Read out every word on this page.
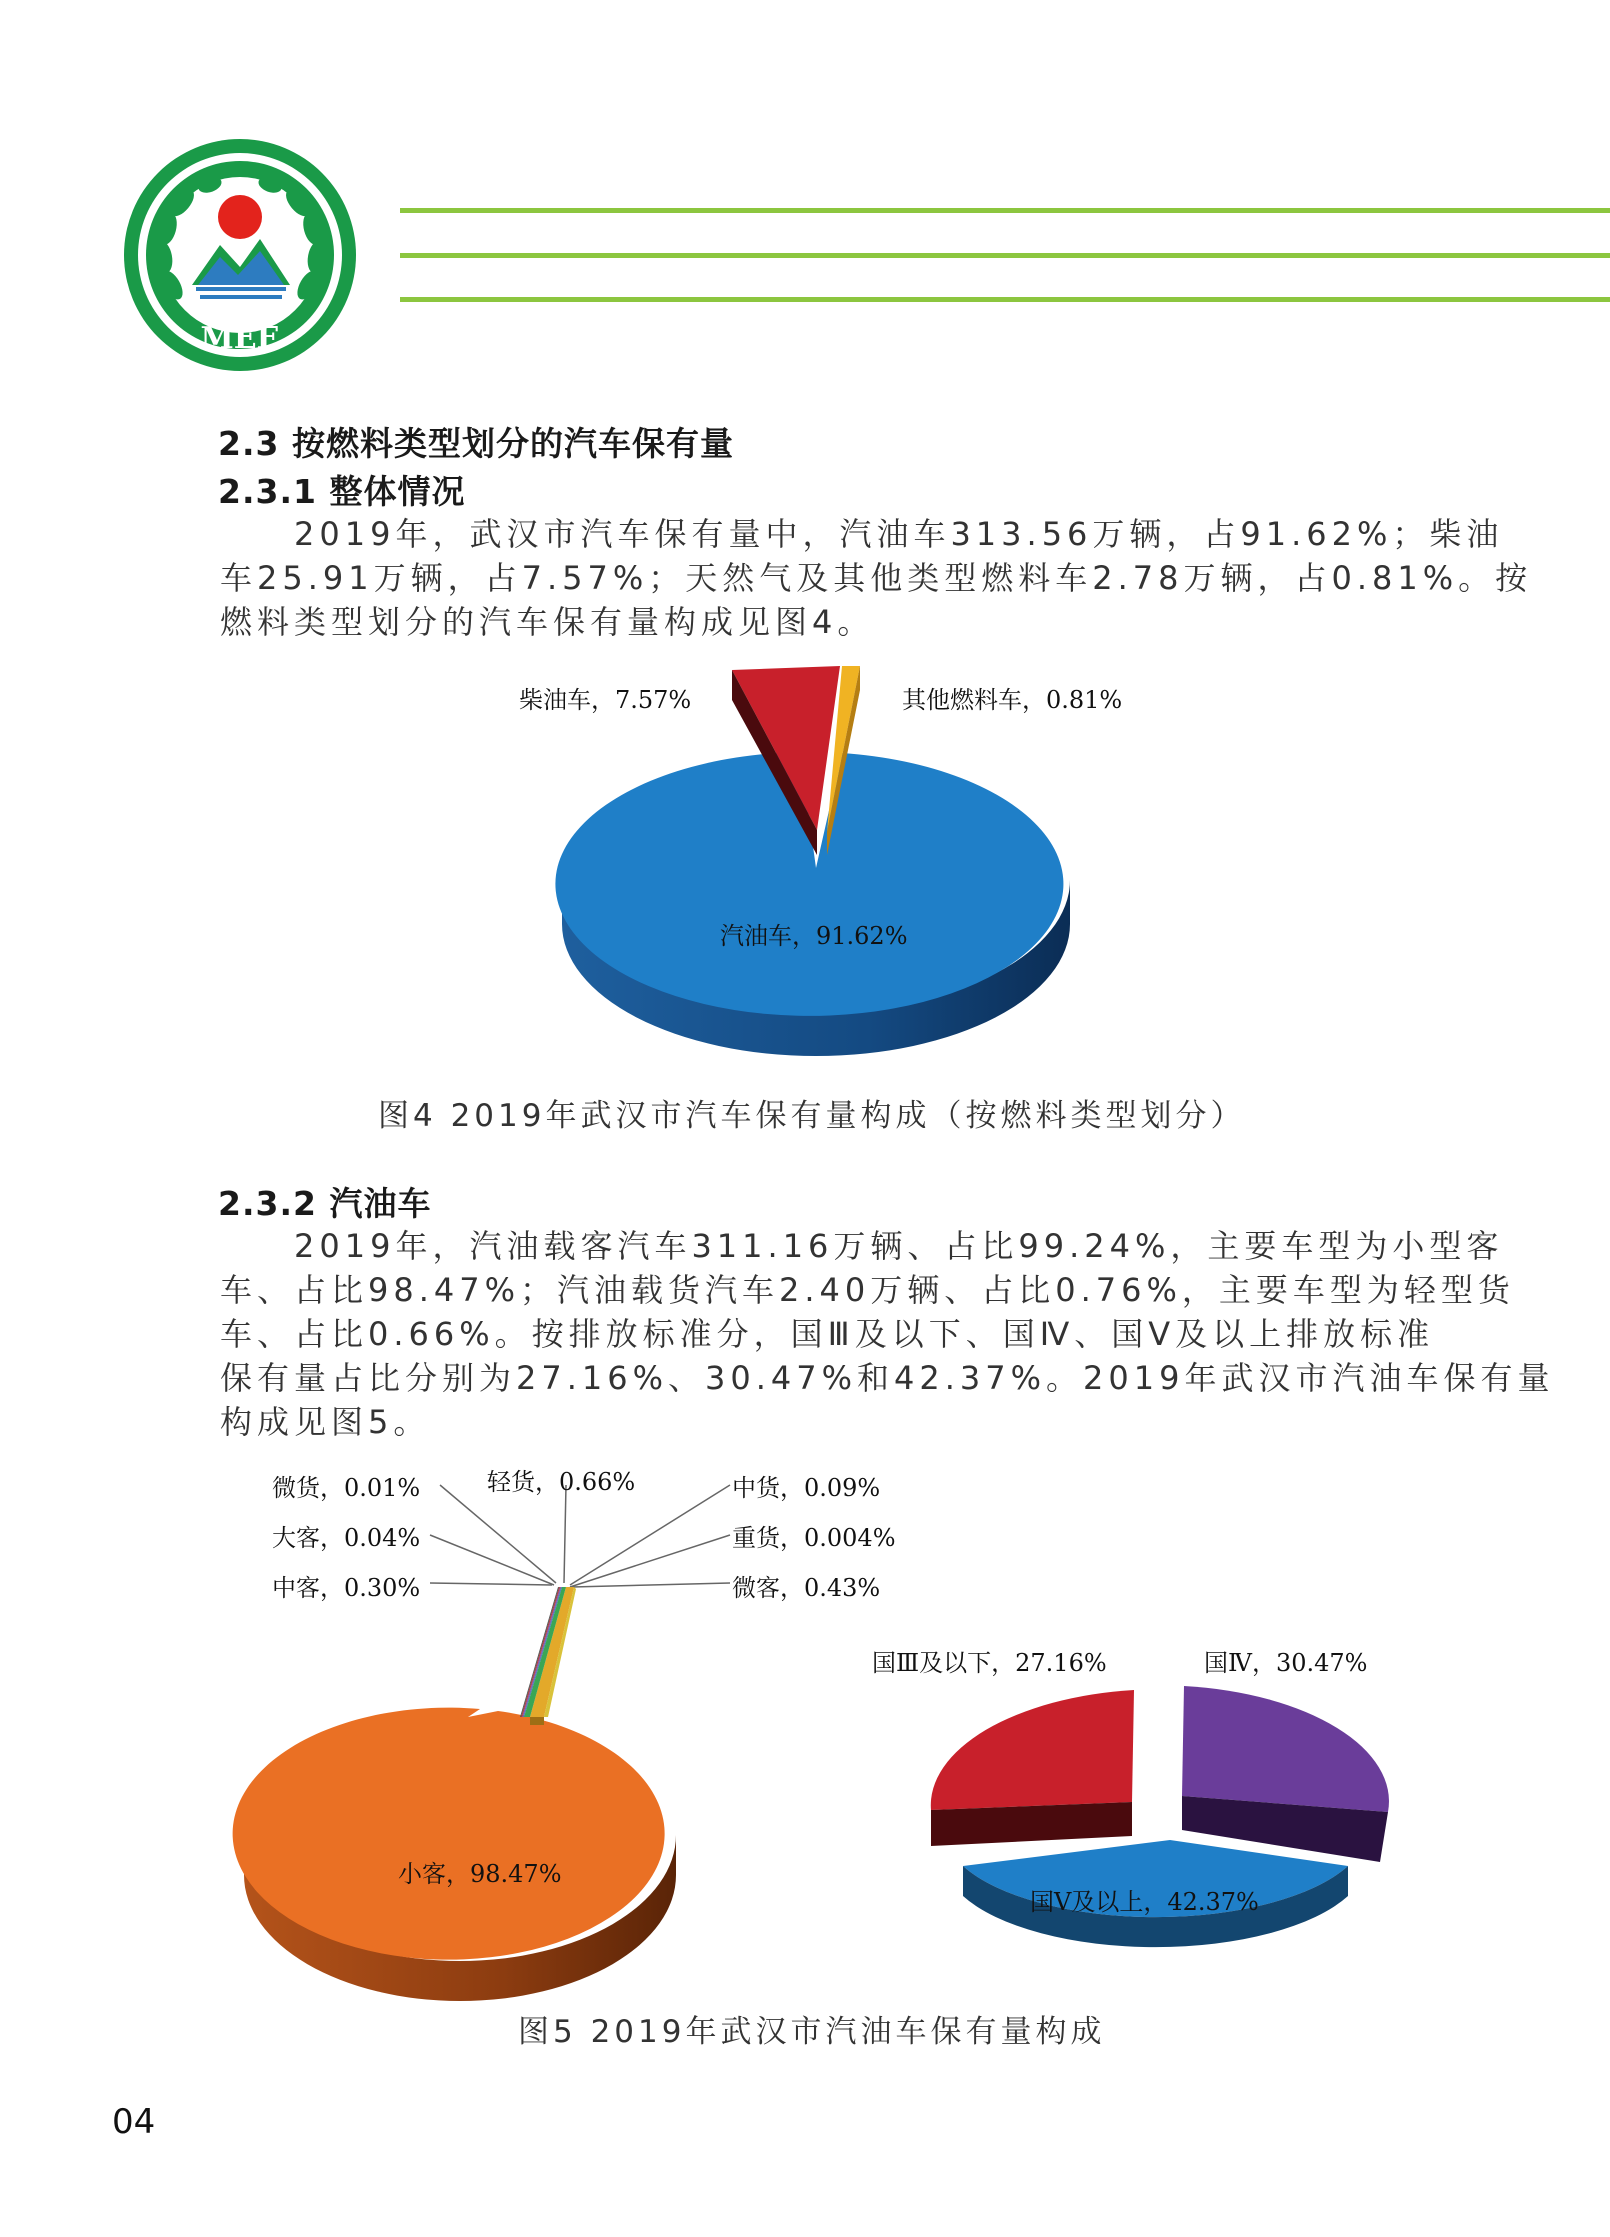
MEE
2.3 按燃料类型划分的汽车保有量
2.3.1 整体情况
2019年，武汉市汽车保有量中，汽油车313.56万辆，占91.62%；柴油
车25.91万辆，占7.57%；天然气及其他类型燃料车2.78万辆，占0.81%。按
燃料类型划分的汽车保有量构成见图4。
柴油车，7.57%	其他燃料车，0.81%
汽油车，91.62%
图4 2019年武汉市汽车保有量构成（按燃料类型划分）
2.3.2 汽油车
2019年，汽油载客汽车311.16万辆、占比99.24%，主要车型为小型客
车、占比98.47%；汽油载货汽车2.40万辆、占比0.76%，主要车型为轻型货
车、占比0.66%。按排放标准分，国Ⅲ及以下、国Ⅳ、国Ⅴ及以上排放标准
保有量占比分别为27.16%、30.47%和42.37%。2019年武汉市汽油车保有量
构成见图5。
微货，0.01%	轻货，0.66%	中货，0.09%
大客，0.04%	重货，0.004%
中客，0.30%	微客，0.43%
小客，98.47%
国Ⅲ及以下，27.16%	国Ⅳ，30.47%
国Ⅴ及以上，42.37%
图5 2019年武汉市汽油车保有量构成
04
